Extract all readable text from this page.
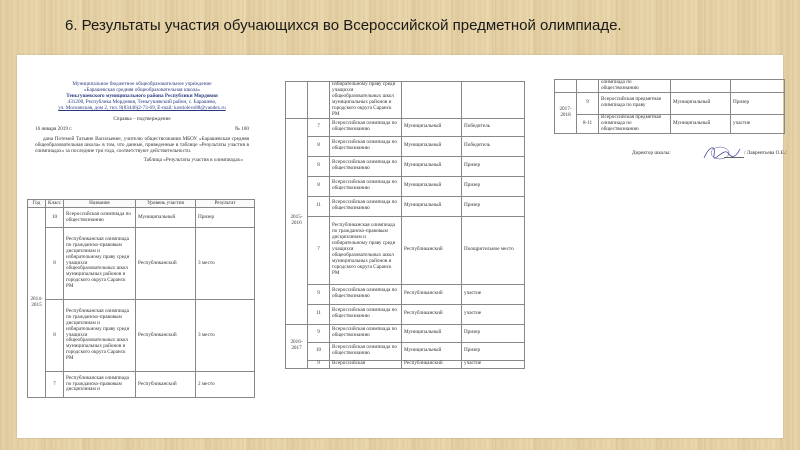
6. Результаты участия обучающихся во Всероссийской предметной олимпиаде.
Муниципальное бюджетное общеобразовательное учреждение
«Барашевская средняя общеобразовательная школа»
Теньгушевского муниципального района Республики Мордовия
431200, Республика Мордовия, Теньгушевский район, с. Барашево,
ул. Московская, дом 2, тел. 8(83446)2-73-69, E-mail: kostiolevs88@yandex.ru
Справка – подтверждение
16 января 2019 г.	№ 100
дана Потемой Татьяне Васильевне, учителю обществознания МБОУ «Барашевская средняя общеобразовательная школа» в том, что данные, приведенные в таблице «Результаты участия в олимпиадах» за последние три года, соответствуют действительности.
Таблица «Результаты участия в олимпиадах»
Год	Класс	Название	Уровень участия	Результат
2014-2015	10	Всероссийская олимпиада по обществознанию	Муниципальный	Призер
	8	Республиканская олимпиада по гражданско-правовым дисциплинам и избирательному праву среди учащихся общеобразовательных школ муниципальных районов и городского округа Саранск РМ	Республиканский	3 место
	8	Республиканская олимпиада по гражданско-правовым дисциплинам и избирательному праву среди учащихся общеобразовательных школ муниципальных районов и городского округа Саранск РМ	Республиканский	3 место
	7	Республиканская олимпиада по гражданско-правовым дисциплинам и	Республиканский	2 место
		избирательному праву среди учащихся общеобразовательных школ муниципальных районов и городского округа Саранск РМ		
2015-2016	7	Всероссийская олимпиада по обществознанию	Муниципальный	Победитель
	8	Всероссийская олимпиада по обществознанию	Муниципальный	Победитель
	8	Всероссийская олимпиада по обществознанию	Муниципальный	Призер
	8	Всероссийская олимпиада по обществознанию	Муниципальный	Призер
	11	Всероссийская олимпиада по обществознанию	Муниципальный	Призер
	7	Республиканская олимпиада по гражданско-правовым дисциплинам и избирательному праву среди учащихся общеобразовательных школ муниципальных районов и городского округа Саранск РМ	Республиканский	Поощрительное место
	9	Всероссийская олимпиада по обществознанию	Республиканский	участие
	11	Всероссийская олимпиада по обществознанию	Республиканский	участие
2016-2017	9	Всероссийская олимпиада по обществознанию	Муниципальный	Призер
	10	Всероссийская олимпиада по обществознанию	Муниципальный	Призер
	9	Всероссийская	Республиканский	участие
		олимпиада по обществознанию		
2017-2018	9	Всероссийская предметная олимпиада по праву	Муниципальный	Призер
	8-11	Всероссийская предметная олимпиада по обществознанию	Муниципальный	участие
Директор школы:	/ Лаврентьева О.Е./
